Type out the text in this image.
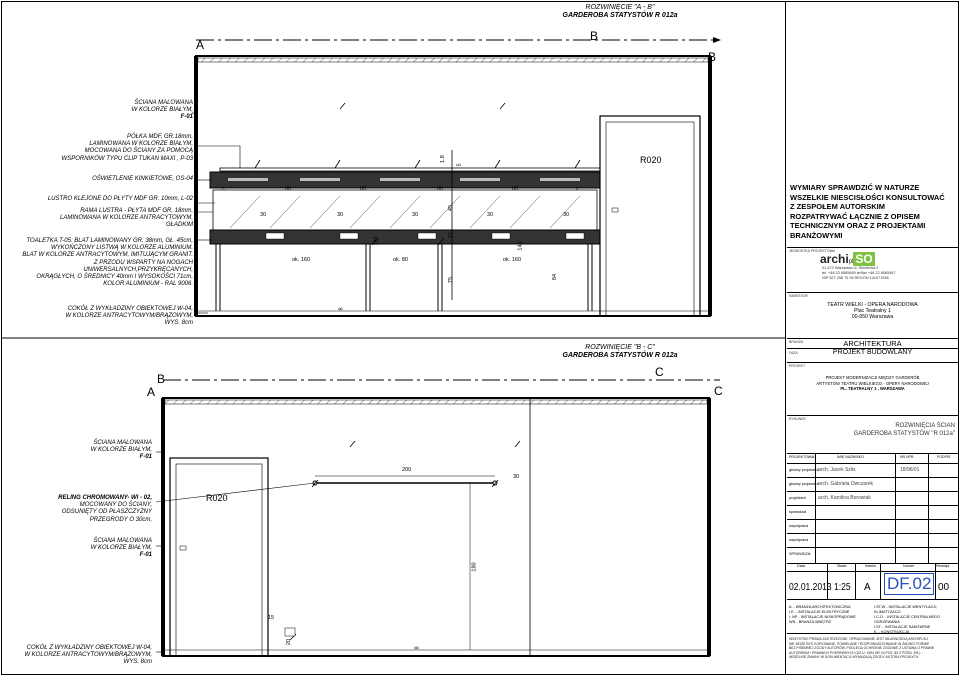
ROZWINIĘCIE "A - B"
GARDEROBA STATYSTÓW R 012a
A
B
B
ŚCIANA MALOWANA
W KOLORZE BIAŁYM,
F-01
PÓŁKA MDF, GR.18mm,
LAMINOWANA W KOLORZE BIAŁYM,
MOCOWANA DO ŚCIANY ZA POMOCĄ
WSPORNIKÓW TYPU CLIP TUKAN MAXI , P-03
OŚWIETLENIE KINKIETOWE, OS-04
LUSTRO KLEJONE DO PŁYTY MDF GR. 10mm, L-02
RAMA LUSTRA - PŁYTA MDF GR. 18mm,
LAMINOWANA W KOLORZE ANTRACYTOWYM,
GŁADKIM
TOALETKA T-05: BLAT LAMINOWANY GR. 38mm, GŁ. 45cm,
WYKOŃCZONY LISTWĄ W KOLORZE ALUMINIUM.
BLAT W KOLORZE ANTRACYTOWYM, IMITUJĄCYM GRANIT.
Z PRZODU WSPARTY NA NOGACH
UNIWERSALNYCH,PRZYKRĘCANYCH,
OKRĄGŁYCH, O ŚREDNICY 40mm I WYSOKOŚCI 71cm,
KOLOR ALUMINIUM - RAL 9006.
COKÓŁ Z WYKŁADZINY OBIEKTOWEJ W-04,
W KOLORZE ANTRACYTOWYM/BRĄZOWYM,
WYS. 8cm
c	80	80	80	80	c
30	30	30	30	30
1.8
5
45
15
195
146
75	84
8
ok. 160	ok. 80	ok. 160
R020
ROZWINIĘCIE "B - C"
GARDEROBA STATYSTÓW R 012a
B
A
C
C
ŚCIANA MALOWANA
W KOLORZE BIAŁYM,
F-01
RELING CHROMOWANY- WI - 02,
MOCOWANY DO ŚCIANY,
ODSUNIĘTY OD PŁASZCZYZNY
PRZEGRODY O 30cm,
ŚCIANA MALOWANA
W KOLORZE BIAŁYM,
F-01
COKÓŁ Z WYKŁADZINY OBIEKTOWEJ W-04,
W KOLORZE ANTRACYTOWYM/BRĄZOWYM,
WYS. 8cm
200
30
180
15
20
8
R020
WYMIARY SPRAWDZIĆ W NATURZE
WSZELKIE NIESCISŁOŚCI KONSULTOWAĆ
Z ZESPOŁEM AUTORSKIM
ROZPATRYWAĆ ŁĄCZNIE Z OPISEM
TECHNICZNYM ORAZ Z PROJEKTAMI
BRANŻOWYMI
JEDNOSTKA PROJEKTOWA
archipl SO
01-472 Warszawa ul. Sieciecha 2
tel. +48 22 6565669 tel/fax +48 22 6565467
NIP 527 258 75 36 REGON 141971936
INWESTOR
TEATR WIELKI - OPERA NARODOWA
Plac Teatralny 1
00-950 Warszawa
BRANŻA	ARCHITEKTURA
FAZA	PROJEKT BUDOWLANY
PROJEKT
PROJEKT MODERNIZACJI MIĘDZY GARDERÓB
ARTYSTÓW TEATRU WIELKIEGO - OPERY NARODOWEJ
PL. TEATRALNY 1 , WARSZAWA
RYSUNEK
ROZWINIĘCIA ŚCIAN
GARDEROBA STATYSTÓW "R 012a"
PROJEKTOWAŁ	IMIĘ NAZWISKO	NR UPR.	PODPIS
główny projektant arch. Jacek Szlis	18/96/01
główny projektant arch. Gabriela Owczarek
projektant arch. Karolina Borowiak
sprawdzał
współpraca
współpraca
SPRAWDZIŁ
Data	Skala	Indeks	Numer	Rewizja
02.01.2013 1:25 A DF.02 00
A. - BRANŻA ARCHITEKTONICZNA
I.E. - INSTALACJE ELEKTRYCZNE
I. NP - INSTALACJE NISKOPRĄDOWE
WN - BRANŻA WNĘTRZ
I.ST.W - INSTALACJE WENTYLACJI, KLIMATYZACJI
I.C.O. - INSTALACJE CENTRALNEGO OGRZEWANIA
I.ST. - INSTALACJE SANITARNE
K. - KONSTRUKCJA
WSZYSTKIE PRAWA ZASTRZEŻONE. OPRACOWANIE JEST WŁASNOŚCIĄ ARCHIPLSO
NIE MOŻE BYĆ KOPIOWANE, POWIELANE I ROZPOWSZECHNIANE W ŻADNEJ FORMIE
BEZ PISEMNEJ ZGODY AUTORÓW. PODLEGA OCHRONIE ZGODNIE Z USTAWĄ O PRAWIE
AUTORSKIM I PRAWACH POKREWNYCH (DZ.U. 1994 NR 24 POZ. 83 Z PÓŹN. ZM.)
WSZELKIE ZMIANY W DOKUMENTACJI WYMAGAJĄ ZGODY AUTORA PROJEKTU
